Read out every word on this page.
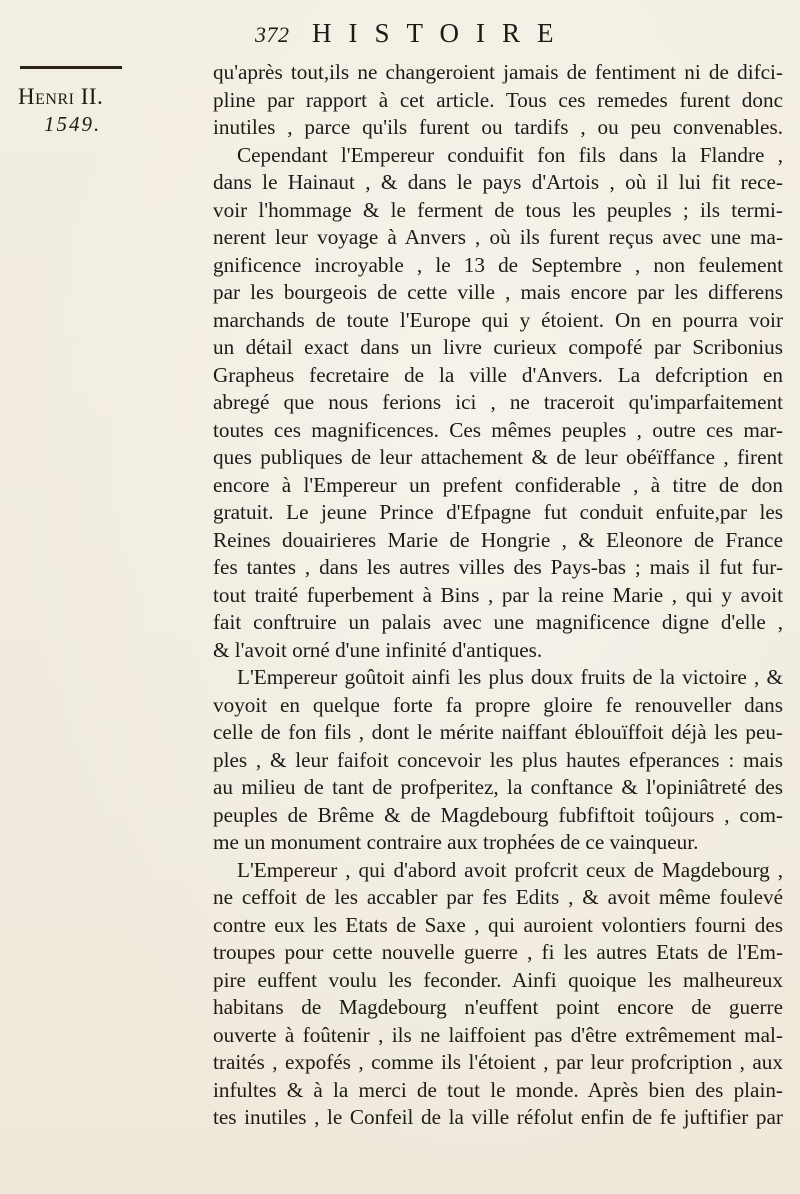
372 HISTOIRE
Henri II.
1549.
qu'après tout,ils ne changeroient jamais de fentiment ni de difci-
pline par rapport à cet article. Tous ces remedes furent donc
inutiles , parce qu'ils furent ou tardifs , ou peu convenables.
Cependant l'Empereur conduifit fon fils dans la Flandre ,
dans le Hainaut , & dans le pays d'Artois , où il lui fit rece-
voir l'hommage & le ferment de tous les peuples ; ils termi-
nerent leur voyage à Anvers , où ils furent reçus avec une ma-
gnificence incroyable , le 13 de Septembre , non feulement
par les bourgeois de cette ville , mais encore par les differens
marchands de toute l'Europe qui y étoient. On en pourra voir
un détail exact dans un livre curieux compofé par Scribonius
Grapheus fecretaire de la ville d'Anvers. La defcription en
abregé que nous ferions ici , ne traceroit qu'imparfaitement
toutes ces magnificences. Ces mêmes peuples , outre ces mar-
ques publiques de leur attachement & de leur obéïffance , firent
encore à l'Empereur un prefent confiderable , à titre de don
gratuit. Le jeune Prince d'Efpagne fut conduit enfuite,par les
Reines douairieres Marie de Hongrie , & Eleonore de France
fes tantes , dans les autres villes des Pays-bas ; mais il fut fur-
tout traité fuperbement à Bins , par la reine Marie , qui y avoit
fait conftruire un palais avec une magnificence digne d'elle ,
& l'avoit orné d'une infinité d'antiques.
L'Empereur goûtoit ainfi les plus doux fruits de la victoire , &
voyoit en quelque forte fa propre gloire fe renouveller dans
celle de fon fils , dont le mérite naiffant éblouïffoit déjà les peu-
ples , & leur faifoit concevoir les plus hautes efperances : mais
au milieu de tant de profperitez, la conftance & l'opiniâtreté des
peuples de Brême & de Magdebourg fubfiftoit toûjours , com-
me un monument contraire aux trophées de ce vainqueur.
L'Empereur , qui d'abord avoit profcrit ceux de Magdebourg ,
ne ceffoit de les accabler par fes Edits , & avoit même foulevé
contre eux les Etats de Saxe , qui auroient volontiers fourni des
troupes pour cette nouvelle guerre , fi les autres Etats de l'Em-
pire euffent voulu les feconder. Ainfi quoique les malheureux
habitans de Magdebourg n'euffent point encore de guerre
ouverte à foûtenir , ils ne laiffoient pas d'être extrêmement mal-
traités , expofés , comme ils l'étoient , par leur profcription , aux
infultes & à la merci de tout le monde. Après bien des plain-
tes inutiles , le Confeil de la ville réfolut enfin de fe juftifier par
